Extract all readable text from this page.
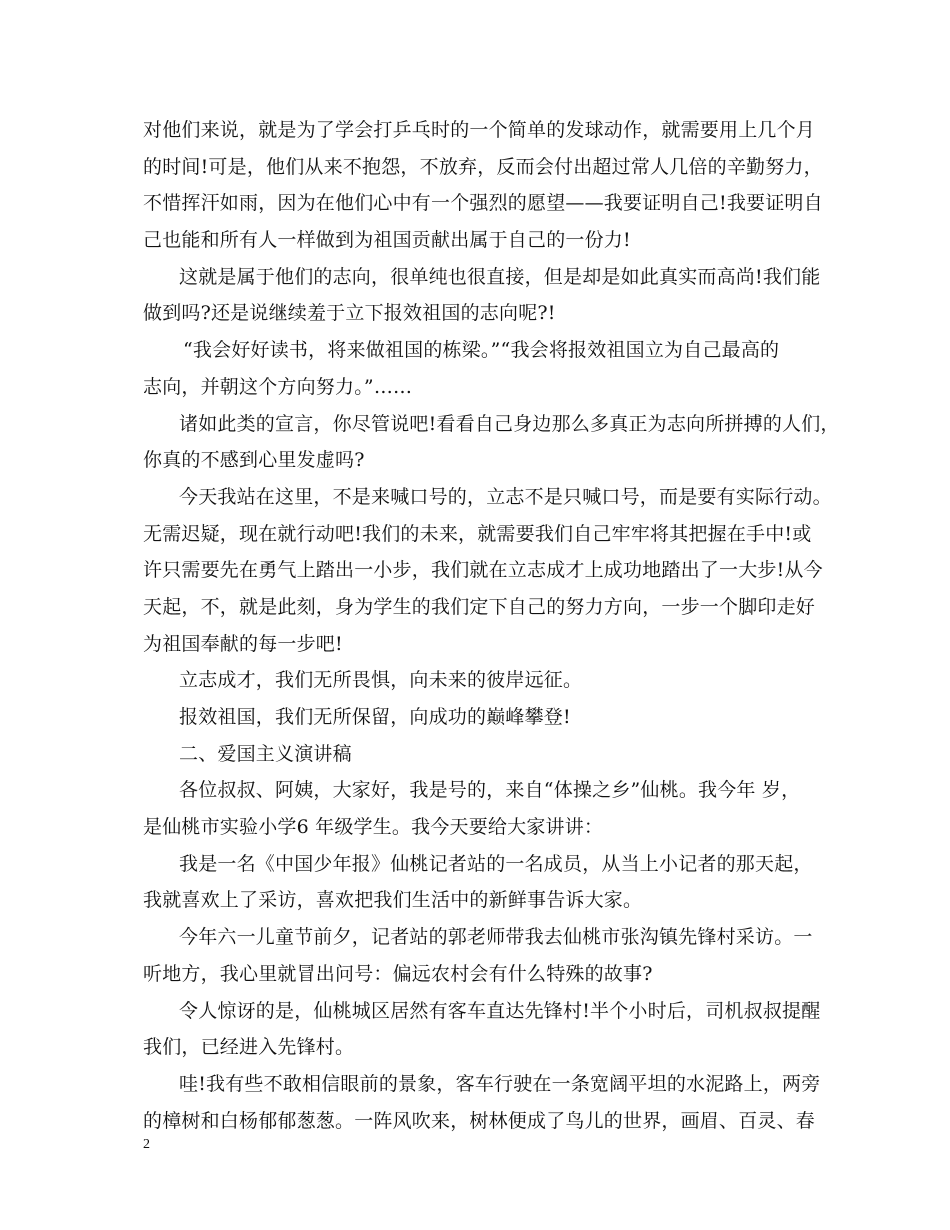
对他们来说，就是为了学会打乒乓时的一个简单的发球动作，就需要用上几个月
的时间!可是，他们从来不抱怨，不放弃，反而会付出超过常人几倍的辛勤努力，
不惜挥汗如雨，因为在他们心中有一个强烈的愿望——我要证明自己!我要证明自
己也能和所有人一样做到为祖国贡献出属于自己的一份力!
这就是属于他们的志向，很单纯也很直接，但是却是如此真实而高尚!我们能
做到吗?还是说继续羞于立下报效祖国的志向呢?!
“我会好好读书，将来做祖国的栋梁。”“我会将报效祖国立为自己最高的
志向，并朝这个方向努力。”……
诸如此类的宣言，你尽管说吧!看看自己身边那么多真正为志向所拼搏的人们，
你真的不感到心里发虚吗?
今天我站在这里，不是来喊口号的，立志不是只喊口号，而是要有实际行动。
无需迟疑，现在就行动吧!我们的未来，就需要我们自己牢牢将其把握在手中!或
许只需要先在勇气上踏出一小步，我们就在立志成才上成功地踏出了一大步!从今
天起，不，就是此刻，身为学生的我们定下自己的努力方向，一步一个脚印走好
为祖国奉献的每一步吧!
立志成才，我们无所畏惧，向未来的彼岸远征。
报效祖国，我们无所保留，向成功的巅峰攀登!
二、爱国主义演讲稿
各位叔叔、阿姨，大家好，我是号的，来自“体操之乡”仙桃。我今年 岁，
是仙桃市实验小学6 年级学生。我今天要给大家讲讲：
我是一名《中国少年报》仙桃记者站的一名成员，从当上小记者的那天起，
我就喜欢上了采访，喜欢把我们生活中的新鲜事告诉大家。
今年六一儿童节前夕，记者站的郭老师带我去仙桃市张沟镇先锋村采访。一
听地方，我心里就冒出问号：偏远农村会有什么特殊的故事?
令人惊讶的是，仙桃城区居然有客车直达先锋村!半个小时后，司机叔叔提醒
我们，已经进入先锋村。
哇!我有些不敢相信眼前的景象，客车行驶在一条宽阔平坦的水泥路上，两旁
的樟树和白杨郁郁葱葱。一阵风吹来，树林便成了鸟儿的世界，画眉、百灵、春
2
